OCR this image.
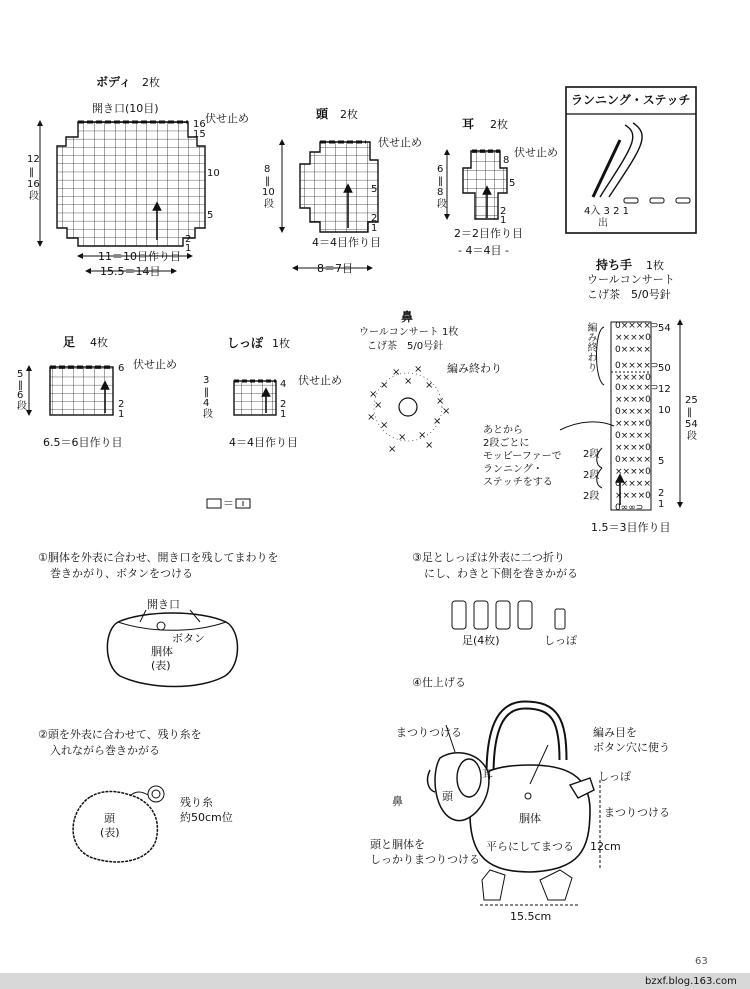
0××××⊃
××××0
0××××
0××××⊃
××××0
0××××⊃
××××0
0××××
××××0
0××××
××××0
0××××
××××0
0××××
××××0
0∞∞⊃
× ×
×
×
×
×
×
×
×
× ×
×
×
×
×
×
ボディ 2枚
開き口(10目)
伏せ止め
16
15
10
5
2
1
12
‖
16
段
11＝10目作り目
15.5＝14目
頭 2枚
伏せ止め
5
2
1
8
‖
10
段
4＝4目作り目
8＝7目
耳 2枚
伏せ止め
8
5
2
1
6
‖
8
段
2＝2目作り目
- 4＝4目 -
ランニング・ステッチ
4入 3 2 1
出
持ち手 1枚
ウールコンサート
こげ茶　5/0号針
編み終わり	54
50
12
10
5
2
1
25
‖
54
段
あとから
2段ごとに
モッピーファーで
ランニング・
ステッチをする
2段
2段
2段
1.5＝3目作り目
鼻
ウールコンサート 1枚
こげ茶　5/0号針
編み終わり
足 4枚
伏せ止め
6
2
1
5
‖
6
段
6.5＝6目作り目
しっぽ 1枚
伏せ止め
4
2
1
3
‖
4
段
4＝4目作り目
＝
①胴体を外表に合わせ、開き口を残してまわりを
巻きかがり、ボタンをつける
開き口
ボタン
胴体
(表)
②頭を外表に合わせて、残り糸を
入れながら巻きかがる
頭
(表)
残り糸
約50cm位
③足としっぽは外表に二つ折り
にし、わきと下側を巻きかがる
足(4枚)	しっぽ
④仕上げる
まつりつける
耳
頭
鼻
頭と胴体を
しっかりまつりつける
胴体
平らにしてまつる
編み目を
ボタン穴に使う
しっぽ
まつりつける
12cm
15.5cm
63
bzxf.blog.163.com
